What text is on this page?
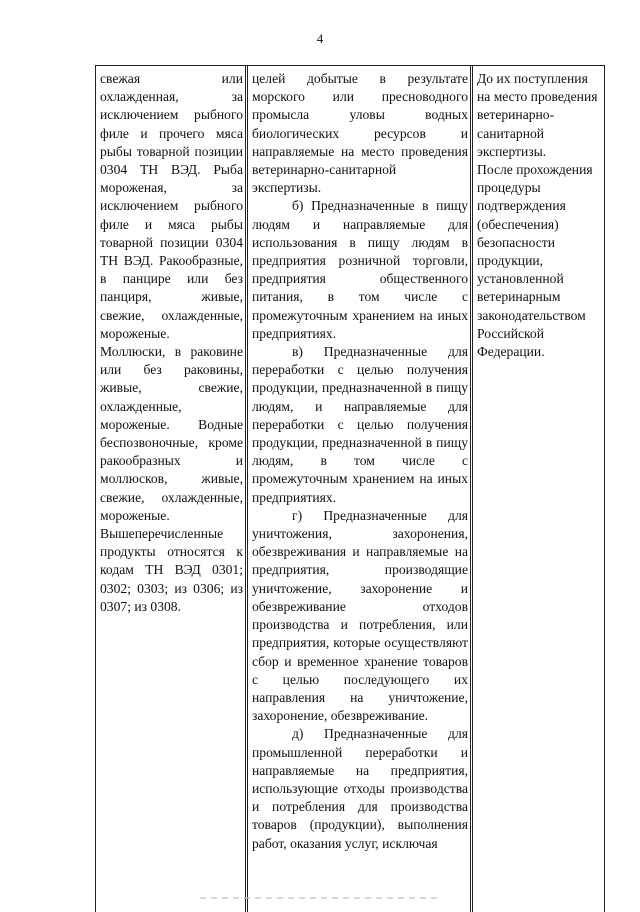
4

свежая или охлажденная, за исключением рыбного филе и прочего мяса рыбы товарной позиции 0304 ТН ВЭД. Рыба мороженая, за исключением рыбного филе и мяса рыбы товарной позиции 0304 ТН ВЭД. Ракообразные, в панцире или без панциря, живые, свежие, охлажденные, мороженые.

Моллюски, в раковине или без раковины, живые, свежие, охлажденные, мороженые. Водные беспозвоночные, кроме ракообразных и моллюсков, живые, свежие, охлажденные, мороженые.

Вышеперечисленные продукты относятся к кодам ТН ВЭД 0301; 0302; 0303; из 0306; из 0307; из 0308.

целей добытые в результате морского или пресноводного промысла уловы водных биологических ресурсов и направляемые на место проведения ветеринарно-санитарной экспертизы.

б) Предназначенные в пищу людям и направляемые для использования в пищу людям в предприятия розничной торговли, предприятия общественного питания, в том числе с промежуточным хранением на иных предприятиях.

в) Предназначенные для переработки с целью получения продукции, предназначенной в пищу людям, и направляемые для переработки с целью получения продукции, предназначенной в пищу людям, в том числе с промежуточным хранением на иных предприятиях.

г) Предназначенные для уничтожения, захоронения, обезвреживания и направляемые на предприятия, производящие уничтожение, захоронение и обезвреживание отходов производства и потребления, или предприятия, которые осуществляют сбор и временное хранение товаров с целью последующего их направления на уничтожение, захоронение, обезвреживание.

д) Предназначенные для промышленной переработки и направляемые на предприятия, использующие отходы производства и потребления для производства товаров (продукции), выполнения работ, оказания услуг, исключая

До их поступления на место проведения ветеринарно-санитарной экспертизы.

После прохождения процедуры подтверждения (обеспечения) безопасности продукции, установленной ветеринарным законодательством Российской Федерации.
